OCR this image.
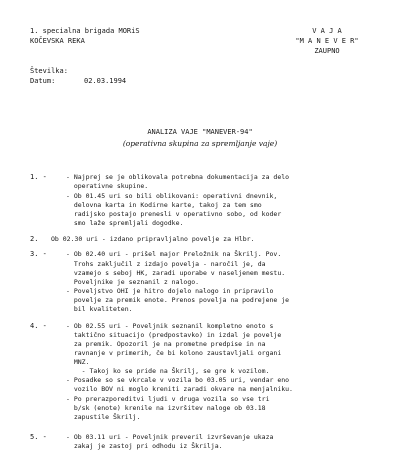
1. specialna brigada MORiS
KOČEVSKA REKA
V A J A
"M A N E V E R"
ZAUPNO
Številka:
Datum:	02.03.1994
ANALIZA VAJE "MANEVER-94"
(operativna skupina za spremljanje vaje)
1. -	- Najprej se je oblikovala potrebna dokumentacija za delo
operativne skupine.
- Ob 01.45 uri so bili oblikovani: operativni dnevnik,
delovna karta in Kodirne karte, takoj za tem smo
radijsko postajo prenesli v operativno sobo, od koder
smo laže spremljali dogodke.
2. Ob 02.30 uri - izdano pripravljalno povelje za Hlbr.
3. -	- Ob 02.40 uri - prišel major Preložnik na Škrilj. Pov.
Trohs zaključil z izdajo povelja - naročil je, da
vzamejo s seboj HK, zaradi uporabe v naseljenem mestu.
Poveljnike je seznanil z nalogo.
- Poveljstvo OHI je hitro dojelo nalogo in pripravilo
povelje za premik enote. Prenos povelja na podrejene je
bil kvaliteten.
4. -	- Ob 02.55 uri - Poveljnik seznanil kompletno enoto s
taktično situacijo (predpostavko) in izdal je povelje
za premik. Opozoril je na prometne predpise in na
ravnanje v primerih, če bi kolono zaustavljali organi
MNZ.
- Takoj ko se pride na Škrilj, se gre k vozilom.
- Posadke so se vkrcale v vozila bo 03.05 uri, vendar eno
vozilo BOV ni moglo kreniti zaradi okvare na menjalniku.
- Po prerazporeditvi ljudi v druga vozila so vse tri
b/sk (enote) krenile na izvršitev naloge ob 03.18
zapustile Škrilj.
5. -	- Ob 03.11 uri - Poveljnik preveril izvrševanje ukaza
zakaj je zastoj pri odhodu iz Škrilja.
